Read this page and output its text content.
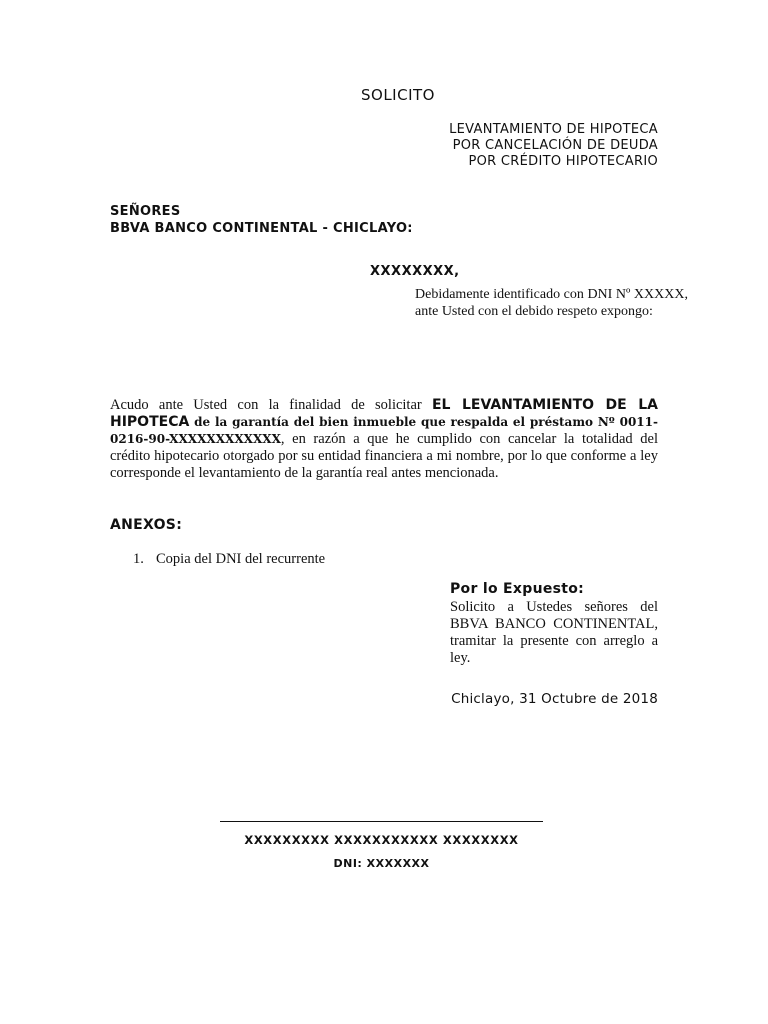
SOLICITO
LEVANTAMIENTO DE HIPOTECA
POR CANCELACIÓN DE DEUDA
POR CRÉDITO HIPOTECARIO
SEÑORES
BBVA BANCO CONTINENTAL - CHICLAYO:
XXXXXXXX,
Debidamente identificado con DNI Nº XXXXX, ante Usted con el debido respeto expongo:
Acudo ante Usted con la finalidad de solicitar EL LEVANTAMIENTO DE LA HIPOTECA de la garantía del bien inmueble que respalda el préstamo Nº 0011-0216-90-XXXXXXXXXXXX, en razón a que he cumplido con cancelar la totalidad del crédito hipotecario otorgado por su entidad financiera a mi nombre, por lo que conforme a ley corresponde el levantamiento de la garantía real antes mencionada.
ANEXOS:
1. Copia del DNI del recurrente
Por lo Expuesto:
Solicito a Ustedes señores del BBVA BANCO CONTINENTAL, tramitar la presente con arreglo a ley.
Chiclayo, 31 Octubre de 2018
XXXXXXXXX XXXXXXXXXXX XXXXXXXX
DNI: XXXXXXX
